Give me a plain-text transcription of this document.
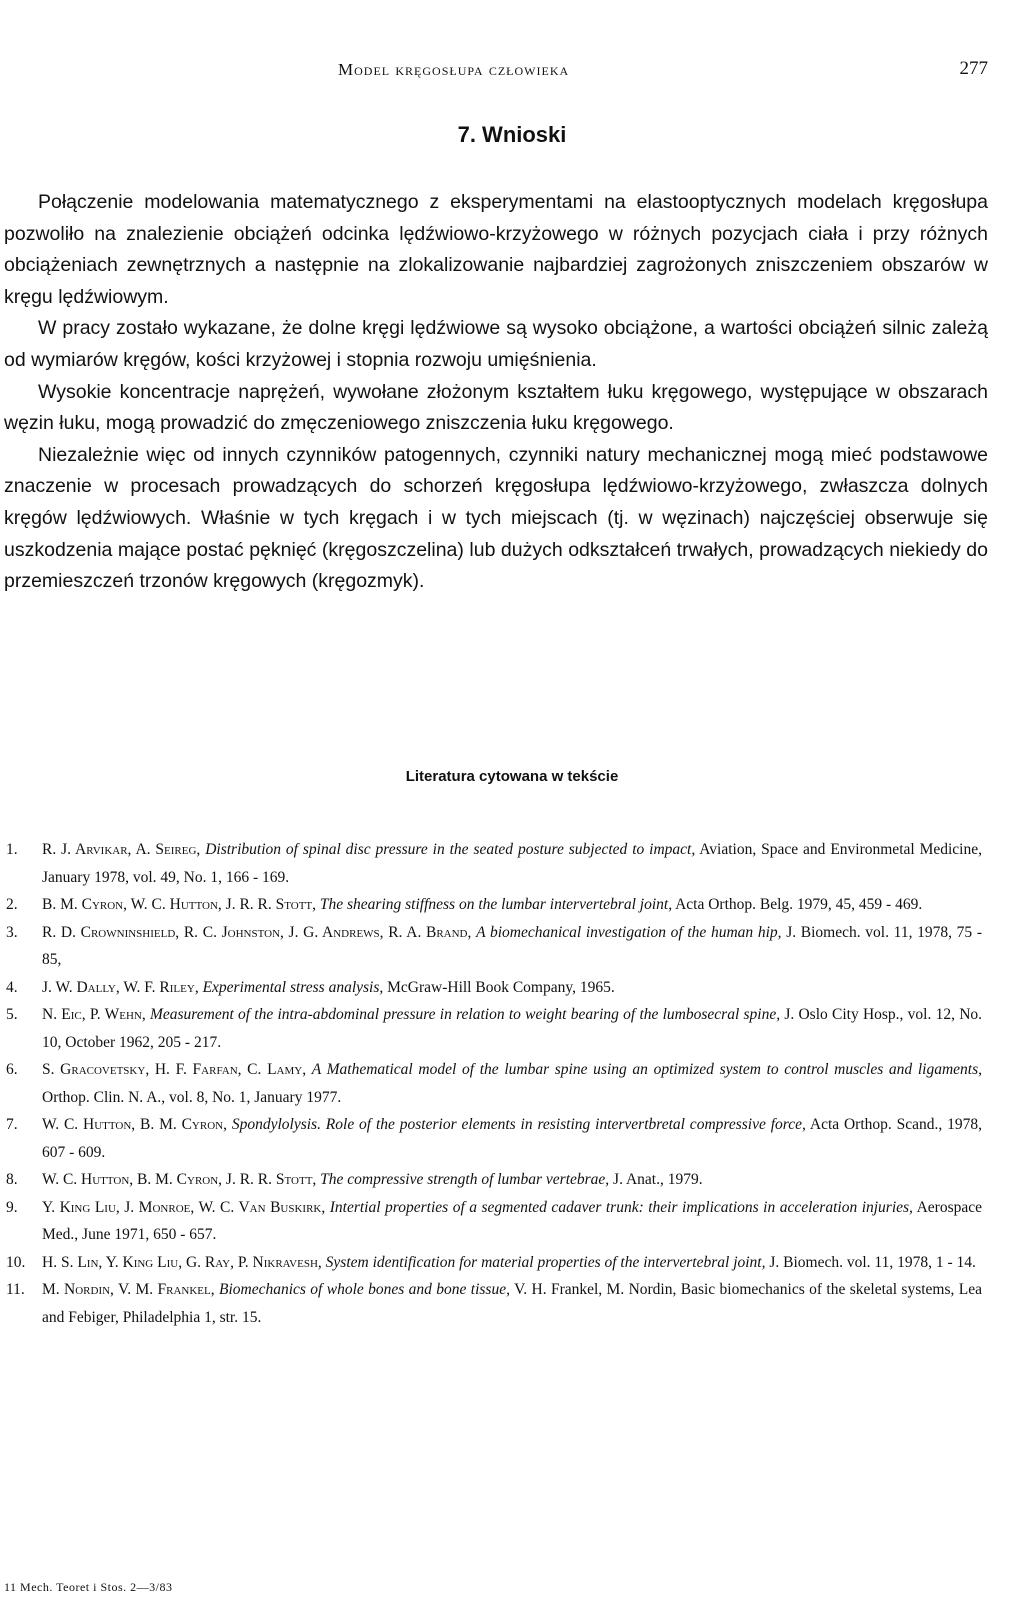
Model kręgosłupa człowieka	277
7. Wnioski

Połączenie modelowania matematycznego z eksperymentami na elastooptycznych modelach kręgosłupa pozwoliło na znalezienie obciążeń odcinka lędźwiowo-krzyżowego w różnych pozycjach ciała i przy różnych obciążeniach zewnętrznych a następnie na zlokalizowanie najbardziej zagrożonych zniszczeniem obszarów w kręgu lędźwiowym.

W pracy zostało wykazane, że dolne kręgi lędźwiowe są wysoko obciążone, a wartości obciążeń silnic zależą od wymiarów kręgów, kości krzyżowej i stopnia rozwoju umięśnienia.

Wysokie koncentracje naprężeń, wywołane złożonym kształtem łuku kręgowego, występujące w obszarach węzin łuku, mogą prowadzić do zmęczeniowego zniszczenia łuku kręgowego.

Niezależnie więc od innych czynników patogennych, czynniki natury mechanicznej mogą mieć podstawowe znaczenie w procesach prowadzących do schorzeń kręgosłupa lędźwiowo-krzyżowego, zwłaszcza dolnych kręgów lędźwiowych. Właśnie w tych kręgach i w tych miejscach (tj. w węzinach) najczęściej obserwuje się uszkodzenia mające postać pęknięć (kręgoszczelina) lub dużych odkształceń trwałych, prowadzących niekiedy do przemieszczeń trzonów kręgowych (kręgozmyk).

Literatura cytowana w tekście
1. R. J. Arvikar, A. Seireg, Distribution of spinal disc pressure in the seated posture subjected to impact, Aviation, Space and Environmetal Medicine, January 1978, vol. 49, No. 1, 166 - 169.
2. B. M. Cyron, W. C. Hutton, J. R. R. Stott, The shearing stiffness on the lumbar intervertebral joint, Acta Orthop. Belg. 1979, 45, 459 - 469.
3. R. D. Crowninshield, R. C. Johnston, J. G. Andrews, R. A. Brand, A biomechanical investigation of the human hip, J. Biomech. vol. 11, 1978, 75 - 85,
4. J. W. Dally, W. F. Riley, Experimental stress analysis, McGraw-Hill Book Company, 1965.
5. N. Eic, P. Wehn, Measurement of the intra-abdominal pressure in relation to weight bearing of the lumbosecral spine, J. Oslo City Hosp., vol. 12, No. 10, October 1962, 205 - 217.
6. S. Gracovetsky, H. F. Farfan, C. Lamy, A Mathematical model of the lumbar spine using an optimized system to control muscles and ligaments, Orthop. Clin. N. A., vol. 8, No. 1, January 1977.
7. W. C. Hutton, B. M. Cyron, Spondylolysis. Role of the posterior elements in resisting intervertbretal compressive force, Acta Orthop. Scand., 1978, 607 - 609.
8. W. C. Hutton, B. M. Cyron, J. R. R. Stott, The compressive strength of lumbar vertebrae, J. Anat., 1979.
9. Y. King Liu, J. Monroe, W. C. Van Buskirk, Intertial properties of a segmented cadaver trunk: their implications in acceleration injuries, Aerospace Med., June 1971, 650 - 657.
10. H. S. Lin, Y. King Liu, G. Ray, P. Nikravesh, System identification for material properties of the intervertebral joint, J. Biomech. vol. 11, 1978, 1 - 14.
11. M. Nordin, V. M. Frankel, Biomechanics of whole bones and bone tissue, V. H. Frankel, M. Nordin, Basic biomechanics of the skeletal systems, Lea and Febiger, Philadelphia 1, str. 15.
11 Mech. Teoret i Stos. 2—3/83
